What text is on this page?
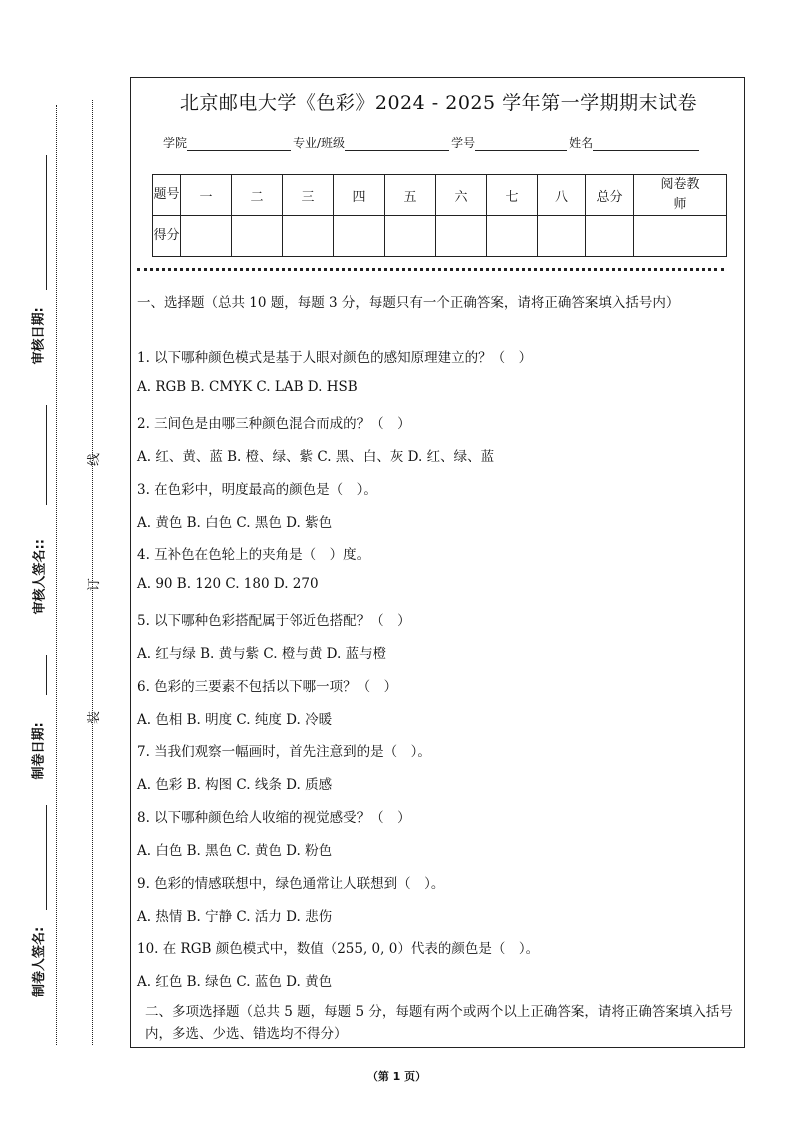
审核日期:
审核人签名::
制卷日期:
制卷人签名:
线
订
装
北京邮电大学《色彩》2024 - 2025 学年第一学期期末试卷
学院	专业/班级	学号	姓名
题号	一	二	三	四	五	六	七	八	总分	阅卷教师
得分										
一、选择题（总共 10 题，每题 3 分，每题只有一个正确答案，请将正确答案填入括号内）
1. 以下哪种颜色模式是基于人眼对颜色的感知原理建立的？（　）
A. RGB B. CMYK C. LAB D. HSB
2. 三间色是由哪三种颜色混合而成的？（　）
A. 红、黄、蓝 B. 橙、绿、紫 C. 黑、白、灰 D. 红、绿、蓝
3. 在色彩中，明度最高的颜色是（　）。
A. 黄色 B. 白色 C. 黑色 D. 紫色
4. 互补色在色轮上的夹角是（　）度。
A. 90 B. 120 C. 180 D. 270
5. 以下哪种色彩搭配属于邻近色搭配？（　）
A. 红与绿 B. 黄与紫 C. 橙与黄 D. 蓝与橙
6. 色彩的三要素不包括以下哪一项？（　）
A. 色相 B. 明度 C. 纯度 D. 冷暖
7. 当我们观察一幅画时，首先注意到的是（　）。
A. 色彩 B. 构图 C. 线条 D. 质感
8. 以下哪种颜色给人收缩的视觉感受？（　）
A. 白色 B. 黑色 C. 黄色 D. 粉色
9. 色彩的情感联想中，绿色通常让人联想到（　）。
A. 热情 B. 宁静 C. 活力 D. 悲伤
10. 在 RGB 颜色模式中，数值（255, 0, 0）代表的颜色是（　）。
A. 红色 B. 绿色 C. 蓝色 D. 黄色
二、多项选择题（总共 5 题，每题 5 分，每题有两个或两个以上正确答案，请将正确答案填入括号内，多选、少选、错选均不得分）
（第 1 页）
